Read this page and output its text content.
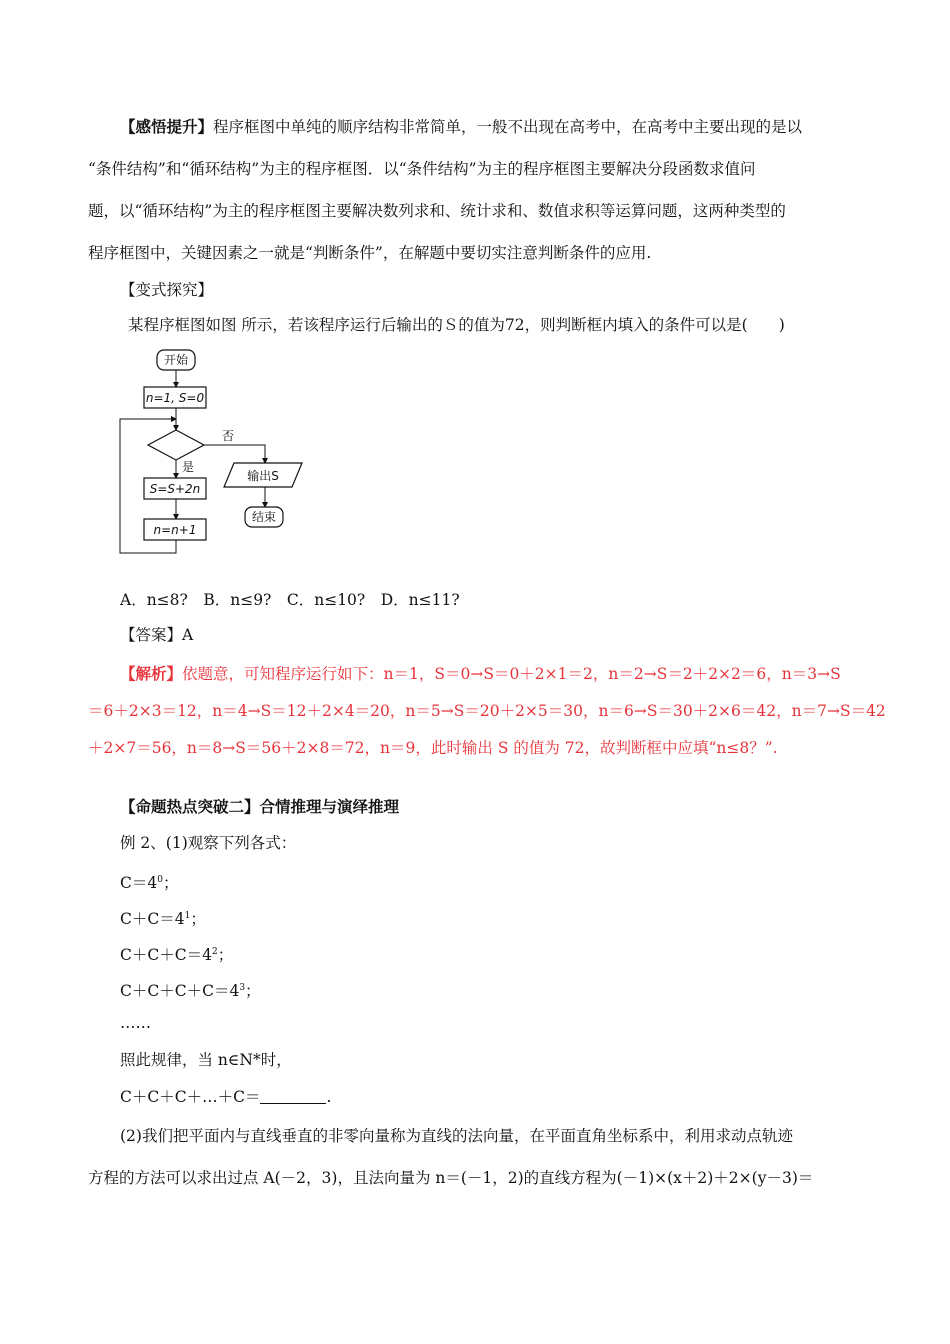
【感悟提升】程序框图中单纯的顺序结构非常简单，一般不出现在高考中，在高考中主要出现的是以
“条件结构”和“循环结构”为主的程序框图．以“条件结构”为主的程序框图主要解决分段函数求值问
题，以“循环结构”为主的程序框图主要解决数列求和、统计求和、数值求积等运算问题，这两种类型的
程序框图中，关键因素之一就是“判断条件”，在解题中要切实注意判断条件的应用.
【变式探究】
某程序框图如图 所示，若该程序运行后输出的Ｓ的值为72，则判断框内填入的条件可以是(　　)
开始
n=1, S=0
否
是
S=S+2n
n=n+1
输出S
结束
A．n≤8?　B．n≤9?　C．n≤10?　D．n≤11?
【答案】A
【解析】依题意，可知程序运行如下：n＝1，S＝0→S＝0＋2×1＝2，n＝2→S＝2＋2×2＝6，n＝3→S
＝6＋2×3＝12，n＝4→S＝12＋2×4＝20，n＝5→S＝20＋2×5＝30，n＝6→S＝30＋2×6＝42，n＝7→S＝42
＋2×7＝56，n＝8→S＝56＋2×8＝72，n＝9，此时输出 S 的值为 72，故判断框中应填“n≤8？”.
【命题热点突破二】合情推理与演绎推理
例 2、(1)观察下列各式：
$C=4^0$；
$C+C=4^1$；
$C+C+C=4^2$；
$C+C+C+C=4^3$；
……
照此规律，当 n∈N*时，
C＋C＋C＋…＋C＝	.
(2)我们把平面内与直线垂直的非零向量称为直线的法向量，在平面直角坐标系中，利用求动点轨迹
方程的方法可以求出过点 A(－2，3)，且法向量为 n＝(－1，2)的直线方程为(－1)×(x＋2)＋2×(y－3)＝
